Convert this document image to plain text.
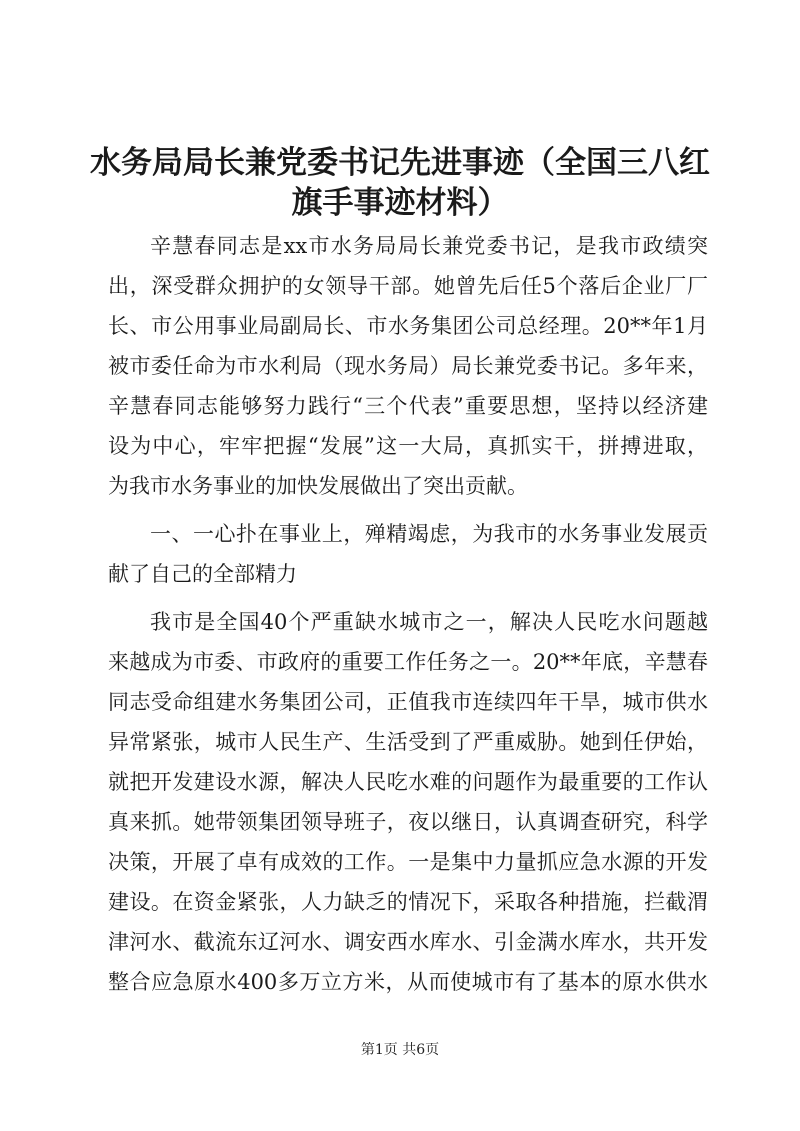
水务局局长兼党委书记先进事迹（全国三八红
旗手事迹材料）

辛慧春同志是xx市水务局局长兼党委书记，是我市政绩突

出，深受群众拥护的女领导干部。她曾先后任5个落后企业厂厂

长、市公用事业局副局长、市水务集团公司总经理。20**年1月

被市委任命为市水利局（现水务局）局长兼党委书记。多年来，

辛慧春同志能够努力践行“三个代表”重要思想，坚持以经济建

设为中心，牢牢把握“发展”这一大局，真抓实干，拼搏进取，

为我市水务事业的加快发展做出了突出贡献。

一、一心扑在事业上，殚精竭虑，为我市的水务事业发展贡

献了自己的全部精力

我市是全国40个严重缺水城市之一，解决人民吃水问题越

来越成为市委、市政府的重要工作任务之一。20**年底，辛慧春

同志受命组建水务集团公司，正值我市连续四年干旱，城市供水

异常紧张，城市人民生产、生活受到了严重威胁。她到任伊始，

就把开发建设水源，解决人民吃水难的问题作为最重要的工作认

真来抓。她带领集团领导班子，夜以继日，认真调查研究，科学

决策，开展了卓有成效的工作。一是集中力量抓应急水源的开发

建设。在资金紧张，人力缺乏的情况下，采取各种措施，拦截渭

津河水、截流东辽河水、调安西水库水、引金满水库水，共开发

整合应急原水400多万立方米，从而使城市有了基本的原水供水

第1页 共6页
